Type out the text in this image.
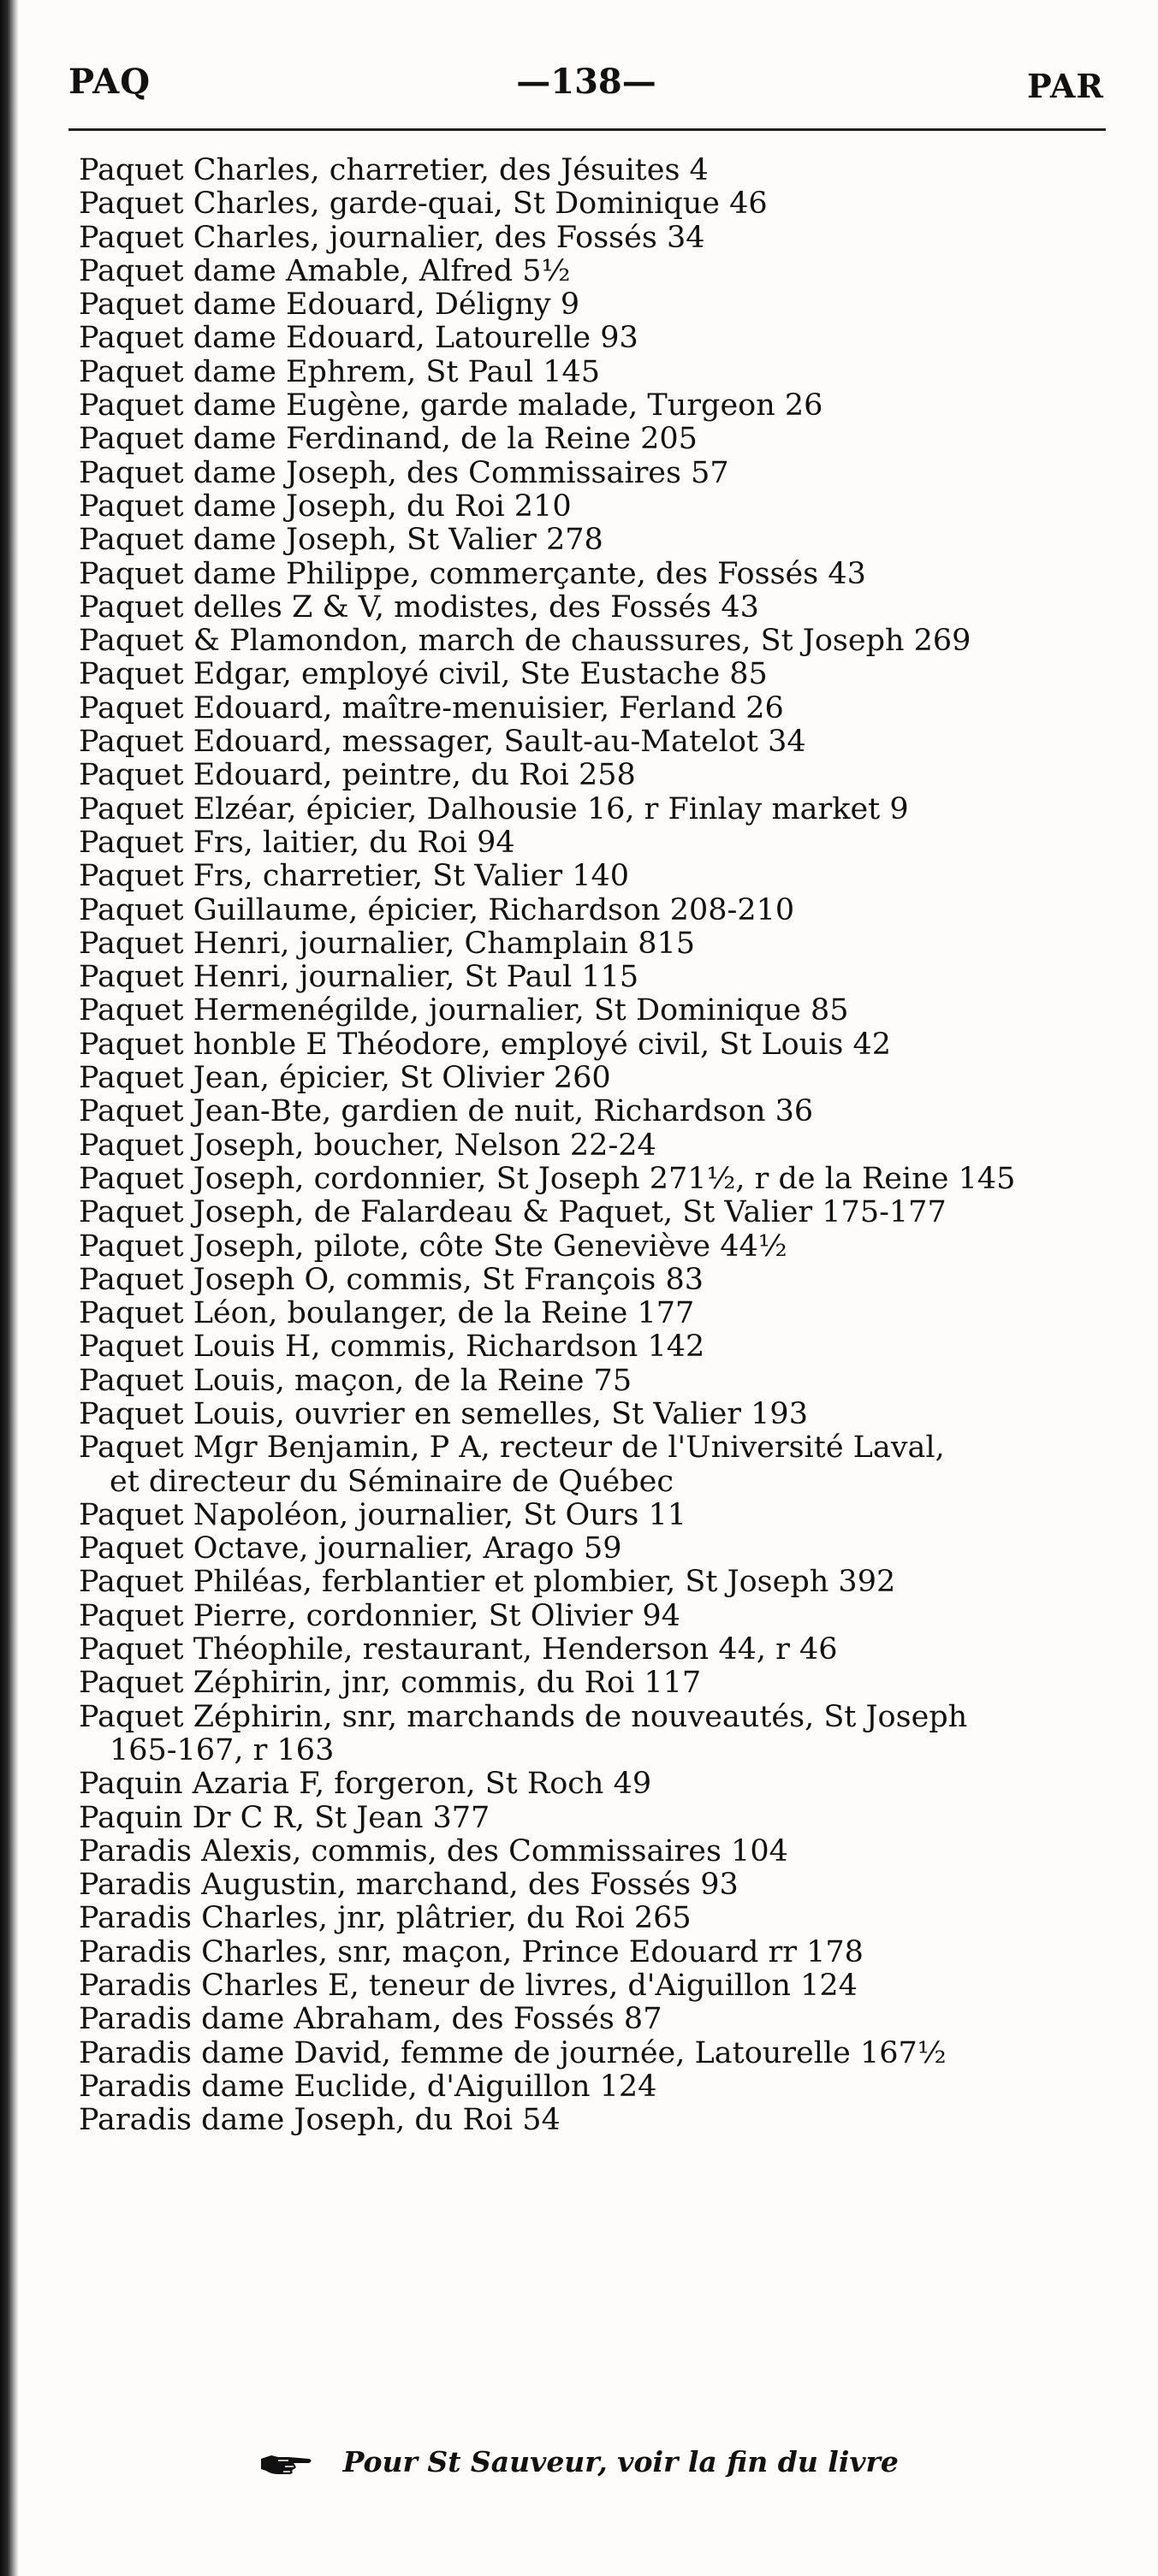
PAQ	—138—	PAR

Paquet Charles, charretier, des Jésuites 4

Paquet Charles, garde-quai, St Dominique 46

Paquet Charles, journalier, des Fossés 34

Paquet dame Amable, Alfred 5½

Paquet dame Edouard, Déligny 9

Paquet dame Edouard, Latourelle 93

Paquet dame Ephrem, St Paul 145

Paquet dame Eugène, garde malade, Turgeon 26

Paquet dame Ferdinand, de la Reine 205

Paquet dame Joseph, des Commissaires 57

Paquet dame Joseph, du Roi 210

Paquet dame Joseph, St Valier 278

Paquet dame Philippe, commerçante, des Fossés 43

Paquet delles Z & V, modistes, des Fossés 43

Paquet & Plamondon, march de chaussures, St Joseph 269

Paquet Edgar, employé civil, Ste Eustache 85

Paquet Edouard, maître-menuisier, Ferland 26

Paquet Edouard, messager, Sault-au-Matelot 34

Paquet Edouard, peintre, du Roi 258

Paquet Elzéar, épicier, Dalhousie 16, r Finlay market 9

Paquet Frs, laitier, du Roi 94

Paquet Frs, charretier, St Valier 140

Paquet Guillaume, épicier, Richardson 208-210

Paquet Henri, journalier, Champlain 815

Paquet Henri, journalier, St Paul 115

Paquet Hermenégilde, journalier, St Dominique 85

Paquet honble E Théodore, employé civil, St Louis 42

Paquet Jean, épicier, St Olivier 260

Paquet Jean-Bte, gardien de nuit, Richardson 36

Paquet Joseph, boucher, Nelson 22-24

Paquet Joseph, cordonnier, St Joseph 271½, r de la Reine 145

Paquet Joseph, de Falardeau & Paquet, St Valier 175-177

Paquet Joseph, pilote, côte Ste Geneviève 44½

Paquet Joseph O, commis, St François 83

Paquet Léon, boulanger, de la Reine 177

Paquet Louis H, commis, Richardson 142

Paquet Louis, maçon, de la Reine 75

Paquet Louis, ouvrier en semelles, St Valier 193

Paquet Mgr Benjamin, P A, recteur de l'Université Laval,
et directeur du Séminaire de Québec

Paquet Napoléon, journalier, St Ours 11

Paquet Octave, journalier, Arago 59

Paquet Philéas, ferblantier et plombier, St Joseph 392

Paquet Pierre, cordonnier, St Olivier 94

Paquet Théophile, restaurant, Henderson 44, r 46

Paquet Zéphirin, jnr, commis, du Roi 117

Paquet Zéphirin, snr, marchands de nouveautés, St Joseph
165-167, r 163

Paquin Azaria F, forgeron, St Roch 49

Paquin Dr C R, St Jean 377

Paradis Alexis, commis, des Commissaires 104

Paradis Augustin, marchand, des Fossés 93

Paradis Charles, jnr, plâtrier, du Roi 265

Paradis Charles, snr, maçon, Prince Edouard rr 178

Paradis Charles E, teneur de livres, d'Aiguillon 124

Paradis dame Abraham, des Fossés 87

Paradis dame David, femme de journée, Latourelle 167½

Paradis dame Euclide, d'Aiguillon 124

Paradis dame Joseph, du Roi 54

Pour St Sauveur, voir la fin du livre
